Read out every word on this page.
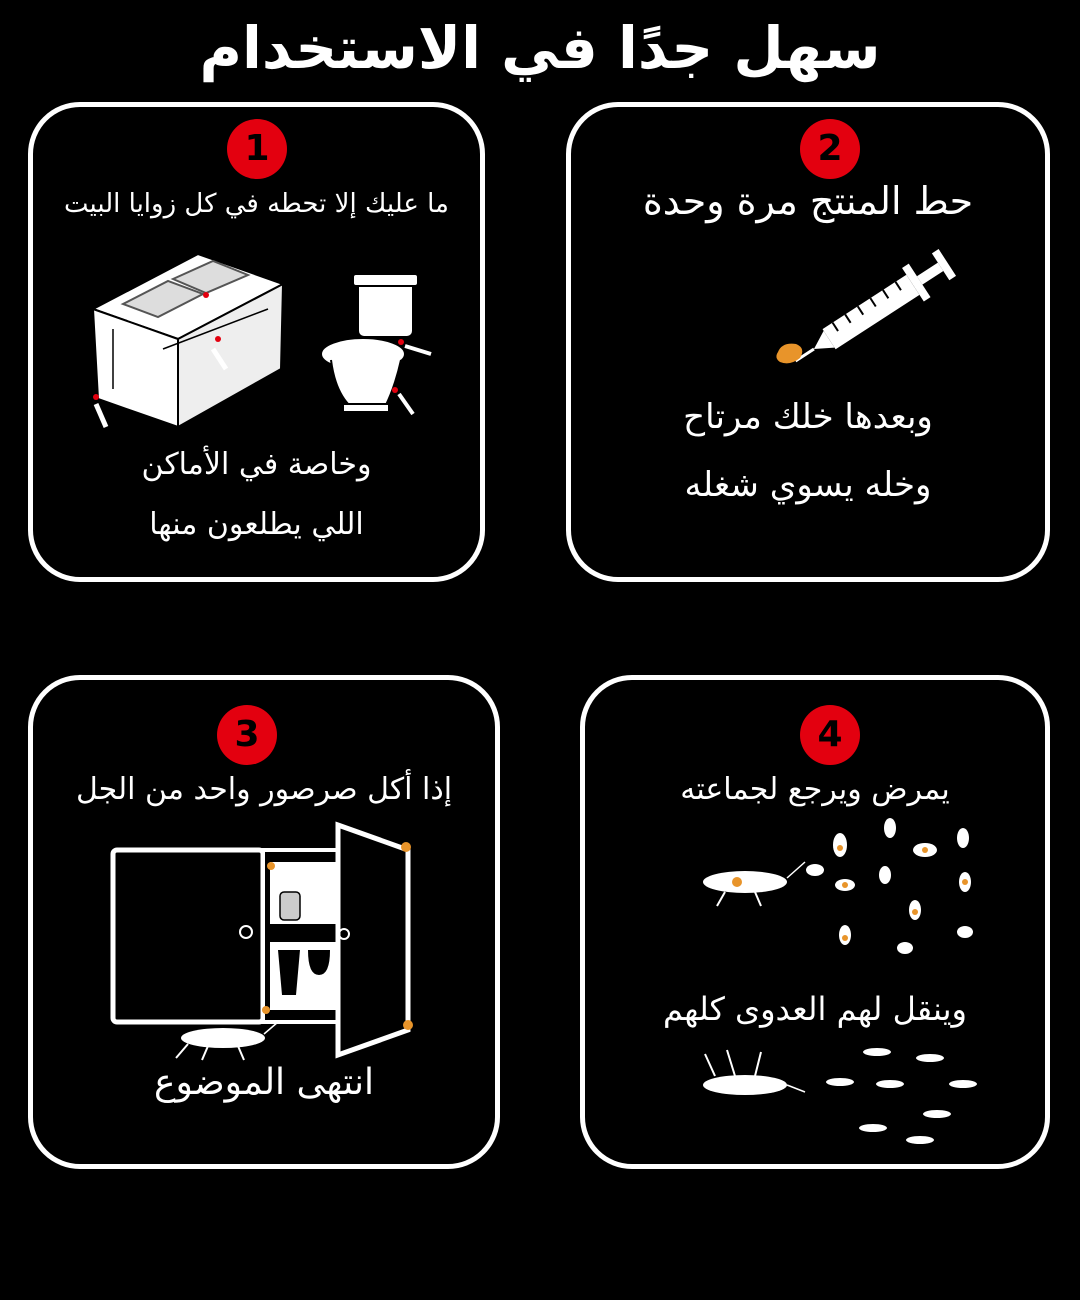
سهل جدًا في الاستخدام
1
ما عليك إلا تحطه في كل زوايا البيت
وخاصة في الأماكن
اللي يطلعون منها
2
حط المنتج مرة وحدة
وبعدها خلك مرتاح
وخله يسوي شغله
3
إذا أكل صرصور واحد من الجل
انتهى الموضوع
4
يمرض ويرجع لجماعته
وينقل لهم العدوى كلهم
